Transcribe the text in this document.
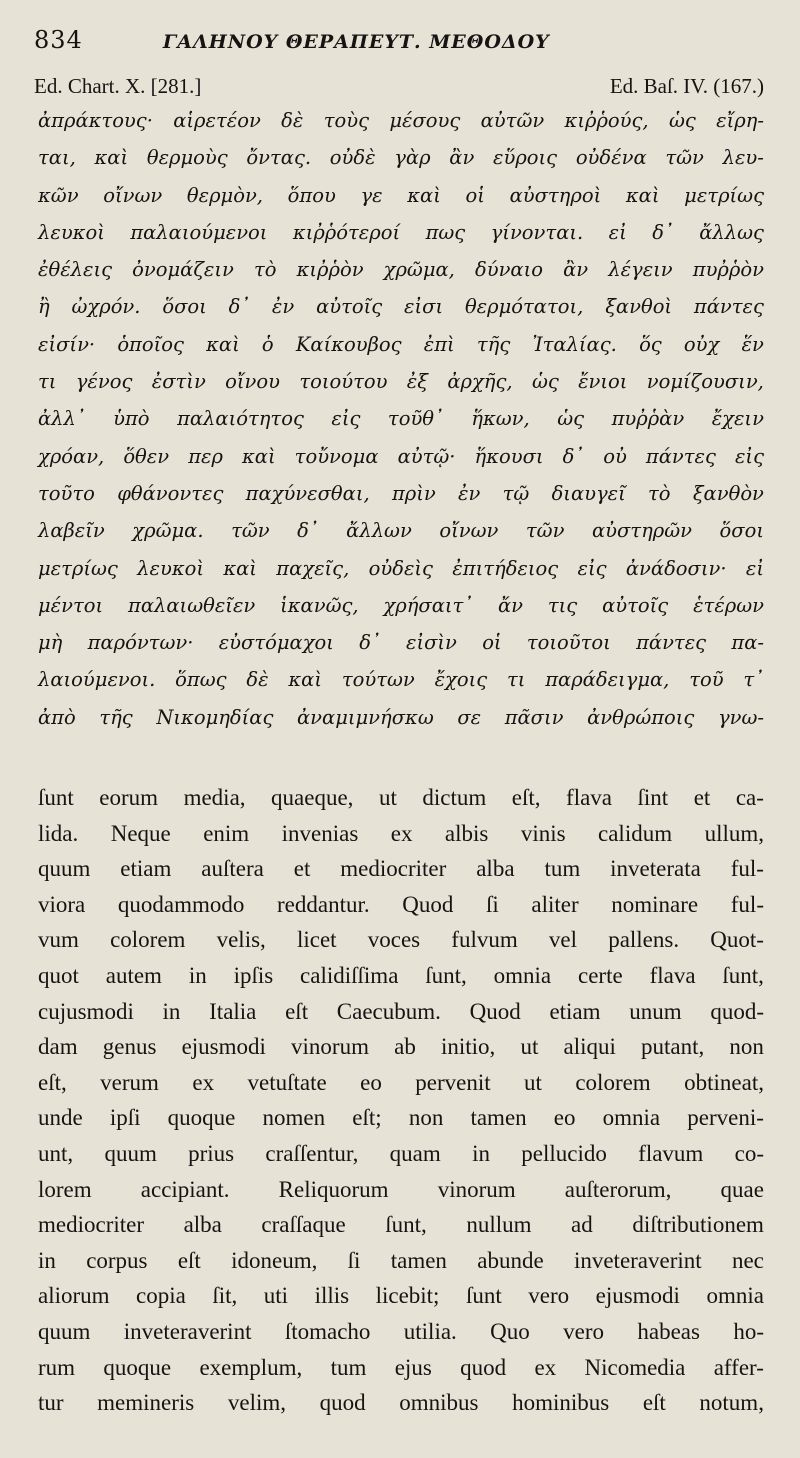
834	ΓΑΛΗΝΟΥ ΘΕΡΑΠΕΥΤ. ΜΕΘΟΔΟΥ
Ed. Chart. X. [281.]	Ed. Baſ. IV. (167.)
ἀπράκτους· αἱρετέον δὲ τοὺς μέσους αὐτῶν κιῤῥούς, ὡς εἴρη-
ται, καὶ θερμοὺς ὄντας. οὐδὲ γὰρ ἂν εὕροις οὐδένα τῶν λευ-
κῶν οἴνων θερμὸν, ὅπου γε καὶ οἱ αὐστηροὶ καὶ μετρίως
λευκοὶ παλαιούμενοι κιῤῥότεροί πως γίνονται. εἰ δ᾽ ἄλλως
ἐθέλεις ὀνομάζειν τὸ κιῤῥὸν χρῶμα, δύναιο ἂν λέγειν πυῤῥὸν
ἢ ὠχρόν. ὅσοι δ᾽ ἐν αὐτοῖς εἰσι θερμότατοι, ξανθοὶ πάντες
εἰσίν· ὁποῖος καὶ ὁ Καίκουβος ἐπὶ τῆς Ἰταλίας. ὅς οὐχ ἕν
τι γένος ἐστὶν οἴνου τοιούτου ἐξ ἀρχῆς, ὡς ἔνιοι νομίζουσιν,
ἀλλ᾽ ὑπὸ παλαιότητος εἰς τοῦθ᾽ ἥκων, ὡς πυῤῥὰν ἔχειν
χρόαν, ὅθεν περ καὶ τοὔνομα αὐτῷ· ἥκουσι δ᾽ οὐ πάντες εἰς
τοῦτο φθάνοντες παχύνεσθαι, πρὶν ἐν τῷ διαυγεῖ τὸ ξανθὸν
λαβεῖν χρῶμα. τῶν δ᾽ ἄλλων οἴνων τῶν αὐστηρῶν ὅσοι
μετρίως λευκοὶ καὶ παχεῖς, οὐδεὶς ἐπιτήδειος εἰς ἀνάδοσιν· εἰ
μέντοι παλαιωθεῖεν ἱκανῶς, χρήσαιτ᾽ ἄν τις αὐτοῖς ἑτέρων
μὴ παρόντων· εὐστόμαχοι δ᾽ εἰσὶν οἱ τοιοῦτοι πάντες πα-
λαιούμενοι. ὅπως δὲ καὶ τούτων ἔχοις τι παράδειγμα, τοῦ τ᾽
ἀπὸ τῆς Νικομηδίας ἀναμιμνήσκω σε πᾶσιν ἀνθρώποις γνω-
ſunt eorum media, quaeque, ut dictum eſt, flava ſint et ca-
lida. Neque enim invenias ex albis vinis calidum ullum,
quum etiam auſtera et mediocriter alba tum inveterata ful-
viora quodammodo reddantur. Quod ſi aliter nominare ful-
vum colorem velis, licet voces fulvum vel pallens. Quot-
quot autem in ipſis calidiſſima ſunt, omnia certe flava ſunt,
cujusmodi in Italia eſt Caecubum. Quod etiam unum quod-
dam genus ejusmodi vinorum ab initio, ut aliqui putant, non
eſt, verum ex vetuſtate eo pervenit ut colorem obtineat,
unde ipſi quoque nomen eſt; non tamen eo omnia perveni-
unt, quum prius craſſentur, quam in pellucido flavum co-
lorem accipiant. Reliquorum vinorum auſterorum, quae
mediocriter alba craſſaque ſunt, nullum ad diſtributionem
in corpus eſt idoneum, ſi tamen abunde inveteraverint nec
aliorum copia ſit, uti illis licebit; ſunt vero ejusmodi omnia
quum inveteraverint ſtomacho utilia. Quo vero habeas ho-
rum quoque exemplum, tum ejus quod ex Nicomedia affer-
tur memineris velim, quod omnibus hominibus eſt notum,
